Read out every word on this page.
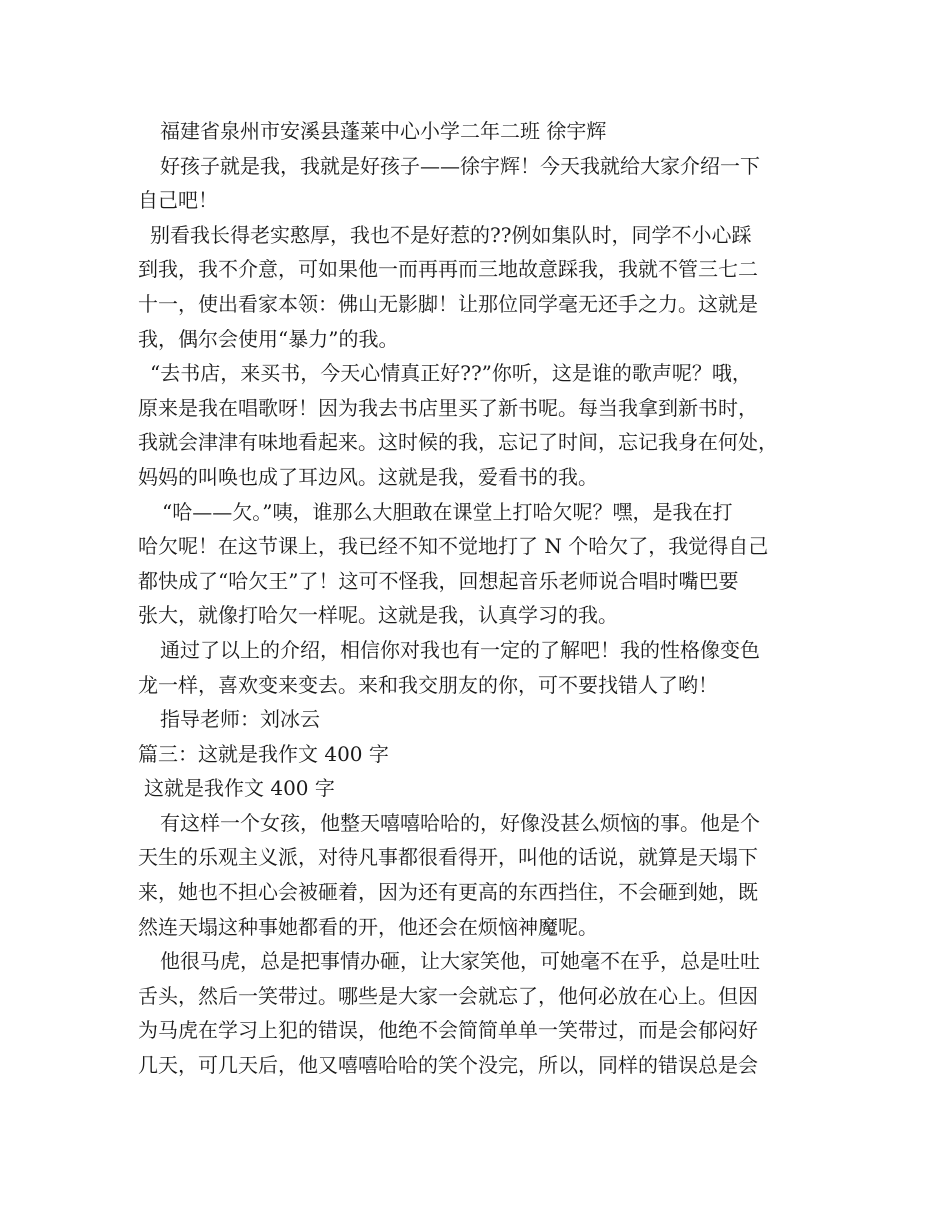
福建省泉州市安溪县蓬莱中心小学二年二班 徐宇辉
好孩子就是我，我就是好孩子——徐宇辉！今天我就给大家介绍一下
自己吧！
别看我长得老实憨厚，我也不是好惹的??例如集队时，同学不小心踩
到我，我不介意，可如果他一而再再而三地故意踩我，我就不管三七二
十一，使出看家本领：佛山无影脚！让那位同学毫无还手之力。这就是
我，偶尔会使用“暴力”的我。
“去书店，来买书，今天心情真正好??”你听，这是谁的歌声呢？哦，
原来是我在唱歌呀！因为我去书店里买了新书呢。每当我拿到新书时，
我就会津津有味地看起来。这时候的我，忘记了时间，忘记我身在何处，
妈妈的叫唤也成了耳边风。这就是我，爱看书的我。
“哈——欠。”咦，谁那么大胆敢在课堂上打哈欠呢？嘿，是我在打
哈欠呢！在这节课上，我已经不知不觉地打了 N 个哈欠了，我觉得自己
都快成了“哈欠王”了！这可不怪我，回想起音乐老师说合唱时嘴巴要
张大，就像打哈欠一样呢。这就是我，认真学习的我。
通过了以上的介绍，相信你对我也有一定的了解吧！我的性格像变色
龙一样，喜欢变来变去。来和我交朋友的你，可不要找错人了哟！
指导老师：刘冰云
篇三：这就是我作文 400 字
这就是我作文 400 字
有这样一个女孩，他整天嘻嘻哈哈的，好像没甚么烦恼的事。他是个
天生的乐观主义派，对待凡事都很看得开，叫他的话说，就算是天塌下
来，她也不担心会被砸着，因为还有更高的东西挡住，不会砸到她，既
然连天塌这种事她都看的开，他还会在烦恼神魔呢。
他很马虎，总是把事情办砸，让大家笑他，可她毫不在乎，总是吐吐
舌头，然后一笑带过。哪些是大家一会就忘了，他何必放在心上。但因
为马虎在学习上犯的错误，他绝不会简简单单一笑带过，而是会郁闷好
几天，可几天后，他又嘻嘻哈哈的笑个没完，所以，同样的错误总是会
